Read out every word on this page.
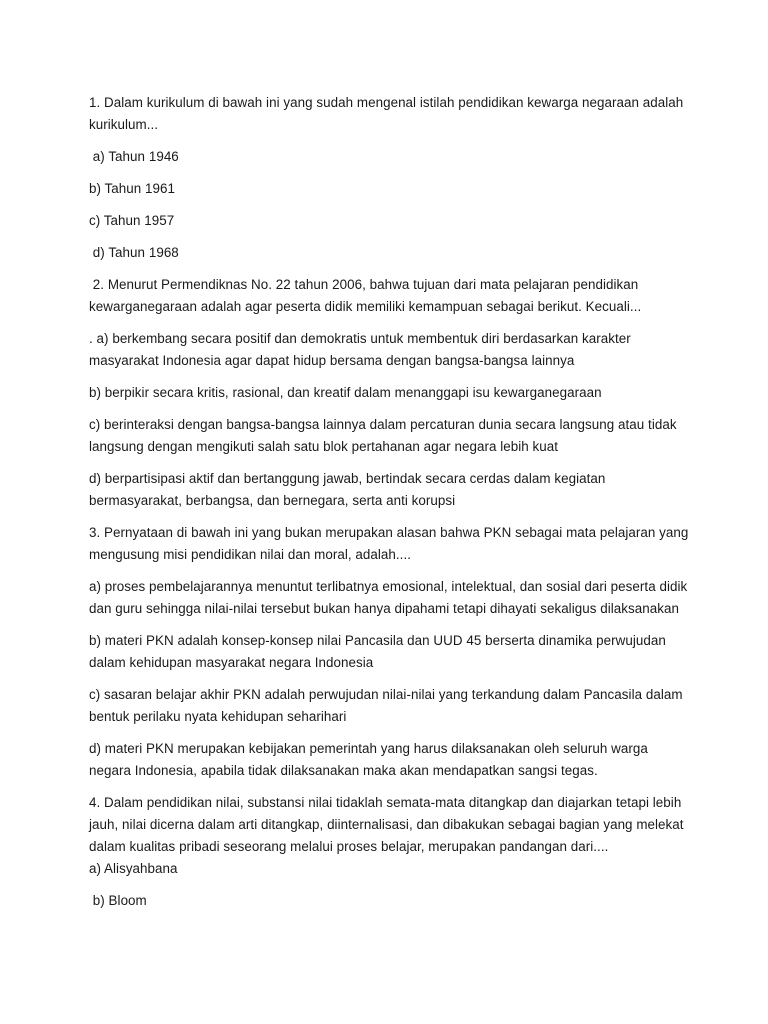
1. Dalam kurikulum di bawah ini yang sudah mengenal istilah pendidikan kewarga negaraan adalah kurikulum...

a) Tahun 1946

b) Tahun 1961

c) Tahun 1957

d) Tahun 1968

2. Menurut Permendiknas No. 22 tahun 2006, bahwa tujuan dari mata pelajaran pendidikan kewarganegaraan adalah agar peserta didik memiliki kemampuan sebagai berikut. Kecuali...

. a) berkembang secara positif dan demokratis untuk membentuk diri berdasarkan karakter masyarakat Indonesia agar dapat hidup bersama dengan bangsa-bangsa lainnya

b) berpikir secara kritis, rasional, dan kreatif dalam menanggapi isu kewarganegaraan

c) berinteraksi dengan bangsa-bangsa lainnya dalam percaturan dunia secara langsung atau tidak langsung dengan mengikuti salah satu blok pertahanan agar negara lebih kuat

d) berpartisipasi aktif dan bertanggung jawab, bertindak secara cerdas dalam kegiatan bermasyarakat, berbangsa, dan bernegara, serta anti korupsi

3. Pernyataan di bawah ini yang bukan merupakan alasan bahwa PKN sebagai mata pelajaran yang mengusung misi pendidikan nilai dan moral, adalah....

a) proses pembelajarannya menuntut terlibatnya emosional, intelektual, dan sosial dari peserta didik dan guru sehingga nilai-nilai tersebut bukan hanya dipahami tetapi dihayati sekaligus dilaksanakan

b) materi PKN adalah konsep-konsep nilai Pancasila dan UUD 45 berserta dinamika perwujudan dalam kehidupan masyarakat negara Indonesia

c) sasaran belajar akhir PKN adalah perwujudan nilai-nilai yang terkandung dalam Pancasila dalam bentuk perilaku nyata kehidupan seharihari

d) materi PKN merupakan kebijakan pemerintah yang harus dilaksanakan oleh seluruh warga negara Indonesia, apabila tidak dilaksanakan maka akan mendapatkan sangsi tegas.

4. Dalam pendidikan nilai, substansi nilai tidaklah semata-mata ditangkap dan diajarkan tetapi lebih jauh, nilai dicerna dalam arti ditangkap, diinternalisasi, dan dibakukan sebagai bagian yang melekat dalam kualitas pribadi seseorang melalui proses belajar, merupakan pandangan dari....

a) Alisyahbana

b) Bloom
